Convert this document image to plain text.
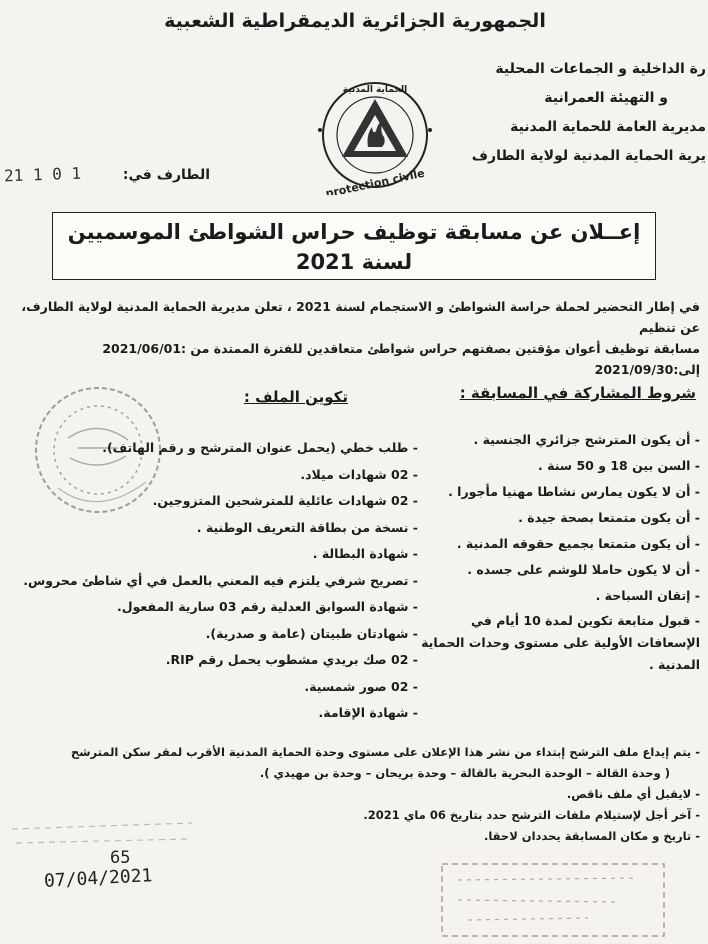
الجمهورية الجزائرية الديمقراطية الشعبية
رة الداخلية و الجماعات المحلية
و التهيئة العمرانية
مديرية العامة للحماية المدنية
يرية الحماية المدنية لولاية الطارف
الحماية المدنية
protection civile
الطارف في:
21 1 0 1
إعــلان عن مسابقة توظيف حراس الشواطئ الموسميين
لسنة 2021
في إطار التحضير لحملة حراسة الشواطئ و الاستجمام لسنة 2021 ، تعلن مديرية الحماية المدنية لولاية الطارف، عن تنظيم
مسابقة توظيف أعوان مؤقتين بصفتهم حراس شواطئ متعاقدين للفترة الممتدة من :2021/06/01 إلى:2021/09/30
شروط المشاركة في المسابقة :
- أن يكون المترشح جزائري الجنسية .
- السن بين 18 و 50 سنة .
- أن لا يكون يمارس نشاطا مهنيا مأجورا .
- أن يكون متمتعا بصحة جيدة .
- أن يكون متمتعا بجميع حقوقه المدنية .
- أن لا يكون حاملا للوشم على جسده .
- إتقان السباحة .
- قبول متابعة تكوين لمدة 10 أيام في الإسعافات الأولية على مستوى وحدات الحماية المدنية .
تكوين الملف :
- طلب خطي (يحمل عنوان المترشح و رقم الهاتف).
- 02 شهادات ميلاد.
- 02 شهادات عائلية للمترشحين المتزوجين.
- نسخة من بطاقة التعريف الوطنية .
- شهادة البطالة .
- تصريح شرفي يلتزم فيه المعني بالعمل في أي شاطئ محروس.
- شهادة السوابق العدلية رقم 03 سارية المفعول.
- شهادتان طبيتان (عامة و صدرية).
- 02 صك بريدي مشطوب يحمل رقم RIP.
- 02 صور شمسية.
- شهادة الإقامة.
- يتم إيداع ملف الترشح إبتداء من نشر هذا الإعلان على مستوى وحدة الحماية المدنية الأقرب لمقر سكن المترشح
( وحدة القالة – الوحدة البحرية بالقالة – وحدة بريحان – وحدة بن مهيدي ).
- لايقبل أي ملف ناقص.
- آخر أجل لإستيلام ملفات الترشح حدد بتاريخ 06 ماي 2021.
- تاريخ و مكان المسابقة يحددان لاحقا.
65
07/04/2021
